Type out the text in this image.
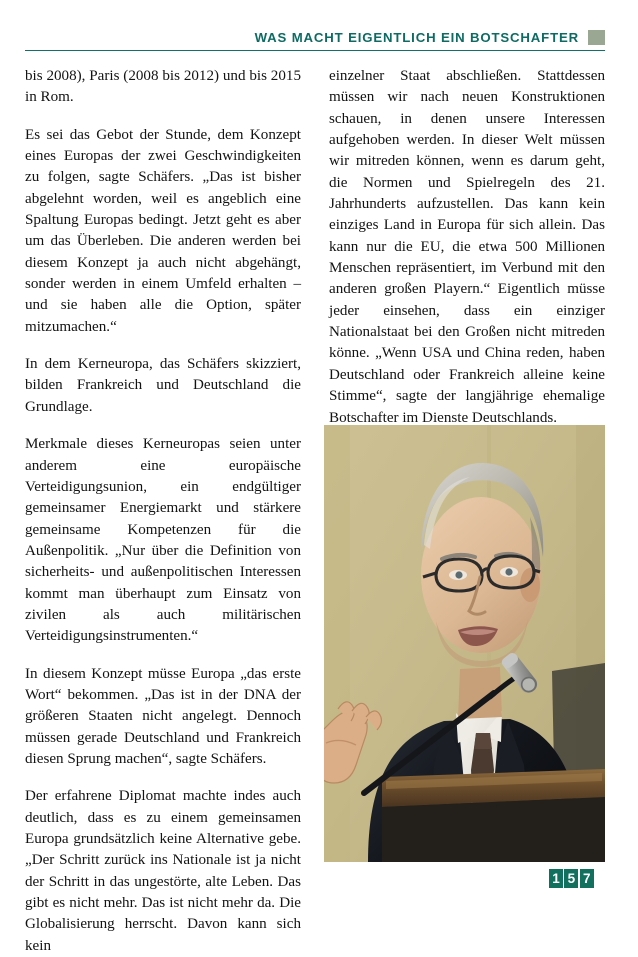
WAS MACHT EIGENTLICH EIN BOTSCHAFTER

bis 2008), Paris (2008 bis 2012) und bis 2015 in Rom.

Es sei das Gebot der Stunde, dem Konzept eines Europas der zwei Geschwindigkeiten zu folgen, sagte Schäfers. „Das ist bisher abgelehnt worden, weil es angeblich eine Spaltung Europas bedingt. Jetzt geht es aber um das Überleben. Die anderen werden bei diesem Konzept ja auch nicht abgehängt, sonder werden in einem Umfeld erhalten – und sie haben alle die Option, später mitzumachen.“

In dem Kerneuropa, das Schäfers skizziert, bilden Frankreich und Deutschland die Grundlage.

Merkmale dieses Kerneuropas seien unter anderem eine europäische Verteidigungsunion, ein endgültiger gemeinsamer Energiemarkt und stärkere gemeinsame Kompetenzen für die Außenpolitik. „Nur über die Definition von sicherheits- und außenpolitischen Interessen kommt man überhaupt zum Einsatz von zivilen als auch militärischen Verteidigungsinstrumenten.“

In diesem Konzept müsse Europa „das erste Wort“ bekommen. „Das ist in der DNA der größeren Staaten nicht angelegt. Dennoch müssen gerade Deutschland und Frankreich diesen Sprung machen“, sagte Schäfers.

Der erfahrene Diplomat machte indes auch deutlich, dass es zu einem gemeinsamen Europa grundsätzlich keine Alternative gebe. „Der Schritt zurück ins Nationale ist ja nicht der Schritt in das ungestörte, alte Leben. Das gibt es nicht mehr. Das ist nicht mehr da. Die Globalisierung herrscht. Davon kann sich kein

einzelner Staat abschließen. Stattdessen müssen wir nach neuen Konstruktionen schauen, in denen unsere Interessen aufgehoben werden. In dieser Welt müssen wir mitreden können, wenn es darum geht, die Normen und Spielregeln des 21. Jahrhunderts aufzustellen. Das kann kein einziges Land in Europa für sich allein. Das kann nur die EU, die etwa 500 Millionen Menschen repräsentiert, im Verbund mit den anderen großen Playern.“ Eigentlich müsse jeder einsehen, dass ein einziger Nationalstaat bei den Großen nicht mitreden könne. „Wenn USA und China reden, haben Deutschland oder Frankreich alleine keine Stimme“, sagte der langjährige ehemalige Botschafter im Dienste Deutschlands.

1 5 7
